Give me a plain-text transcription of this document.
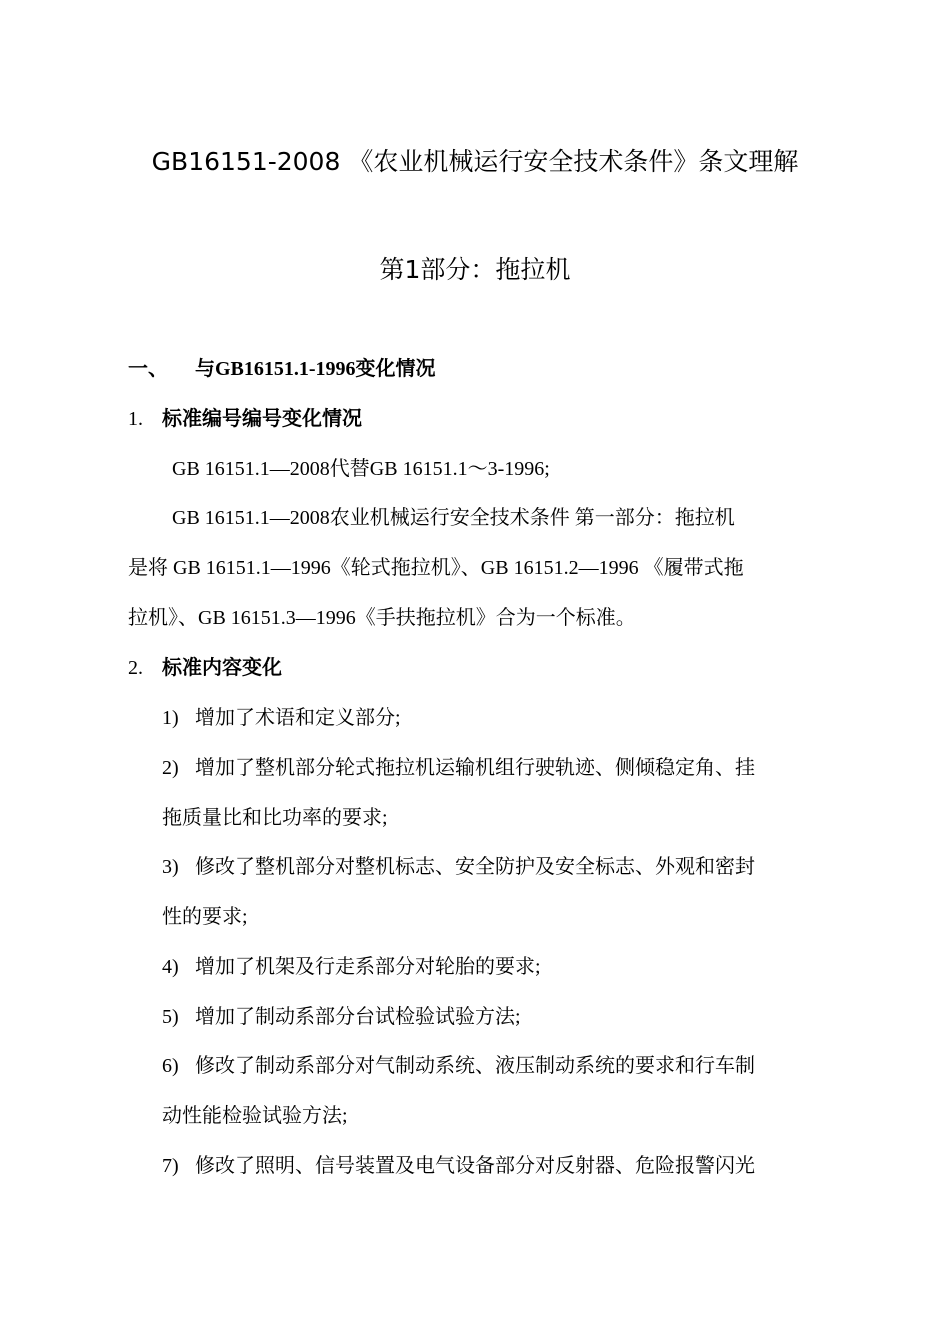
GB16151-2008 《农业机械运行安全技术条件》条文理解
第1部分：拖拉机
一、 与GB16151.1-1996变化情况
1. 标准编号编号变化情况
GB 16151.1—2008代替GB 16151.1～3-1996;
GB 16151.1—2008农业机械运行安全技术条件 第一部分：拖拉机
是将 GB 16151.1—1996《轮式拖拉机》、GB 16151.2—1996 《履带式拖
拉机》、GB 16151.3—1996《手扶拖拉机》合为一个标准。
2. 标准内容变化
1) 增加了术语和定义部分;
2) 增加了整机部分轮式拖拉机运输机组行驶轨迹、侧倾稳定角、挂
拖质量比和比功率的要求;
3) 修改了整机部分对整机标志、安全防护及安全标志、外观和密封
性的要求;
4) 增加了机架及行走系部分对轮胎的要求;
5) 增加了制动系部分台试检验试验方法;
6) 修改了制动系部分对气制动系统、液压制动系统的要求和行车制
动性能检验试验方法;
7) 修改了照明、信号装置及电气设备部分对反射器、危险报警闪光
